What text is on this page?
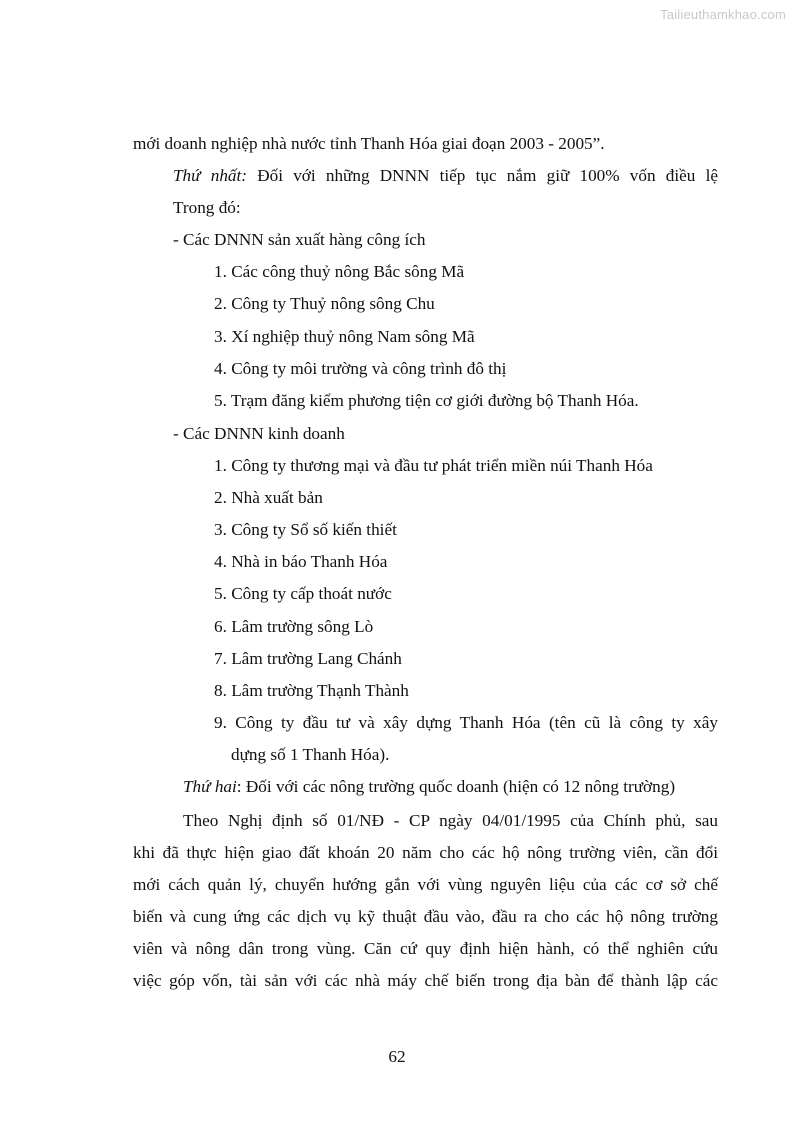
Tailieuthamkhao.com
mới doanh nghiệp nhà nước tỉnh Thanh Hóa giai đoạn 2003 - 2005”.
Thứ nhất: Đối với những DNNN tiếp tục nắm giữ 100% vốn điều lệ
Trong đó:
- Các DNNN sản xuất hàng công ích
1. Các công thuỷ nông Bắc sông Mã
2. Công ty Thuỷ nông sông Chu
3. Xí nghiệp thuỷ nông Nam sông Mã
4. Công ty môi trường và công trình đô thị
5. Trạm đăng kiểm phương tiện cơ giới đường bộ Thanh Hóa.
- Các DNNN kinh doanh
1. Công ty thương mại và đầu tư phát triển miền núi Thanh Hóa
2. Nhà xuất bản
3. Công ty Sổ số kiến thiết
4. Nhà in báo Thanh Hóa
5. Công ty cấp thoát nước
6. Lâm trường sông Lò
7. Lâm trường Lang Chánh
8. Lâm trường Thạnh Thành
9. Công ty đầu tư và xây dựng Thanh Hóa (tên cũ là công ty xây
dựng số 1 Thanh Hóa).
Thứ hai: Đối với các nông trường quốc doanh (hiện có 12 nông trường)
Theo Nghị định số 01/NĐ - CP ngày 04/01/1995 của Chính phủ, sau
khi đã thực hiện giao đất khoán 20 năm cho các hộ nông trường viên, cần đổi
mới cách quản lý, chuyển hướng gắn với vùng nguyên liệu của các cơ sở chế
biến và cung ứng các dịch vụ kỹ thuật đầu vào, đầu ra cho các hộ nông trường
viên và nông dân trong vùng. Căn cứ quy định hiện hành, có thể nghiên cứu
việc góp vốn, tài sản với các nhà máy chế biến trong địa bàn để thành lập các
62
